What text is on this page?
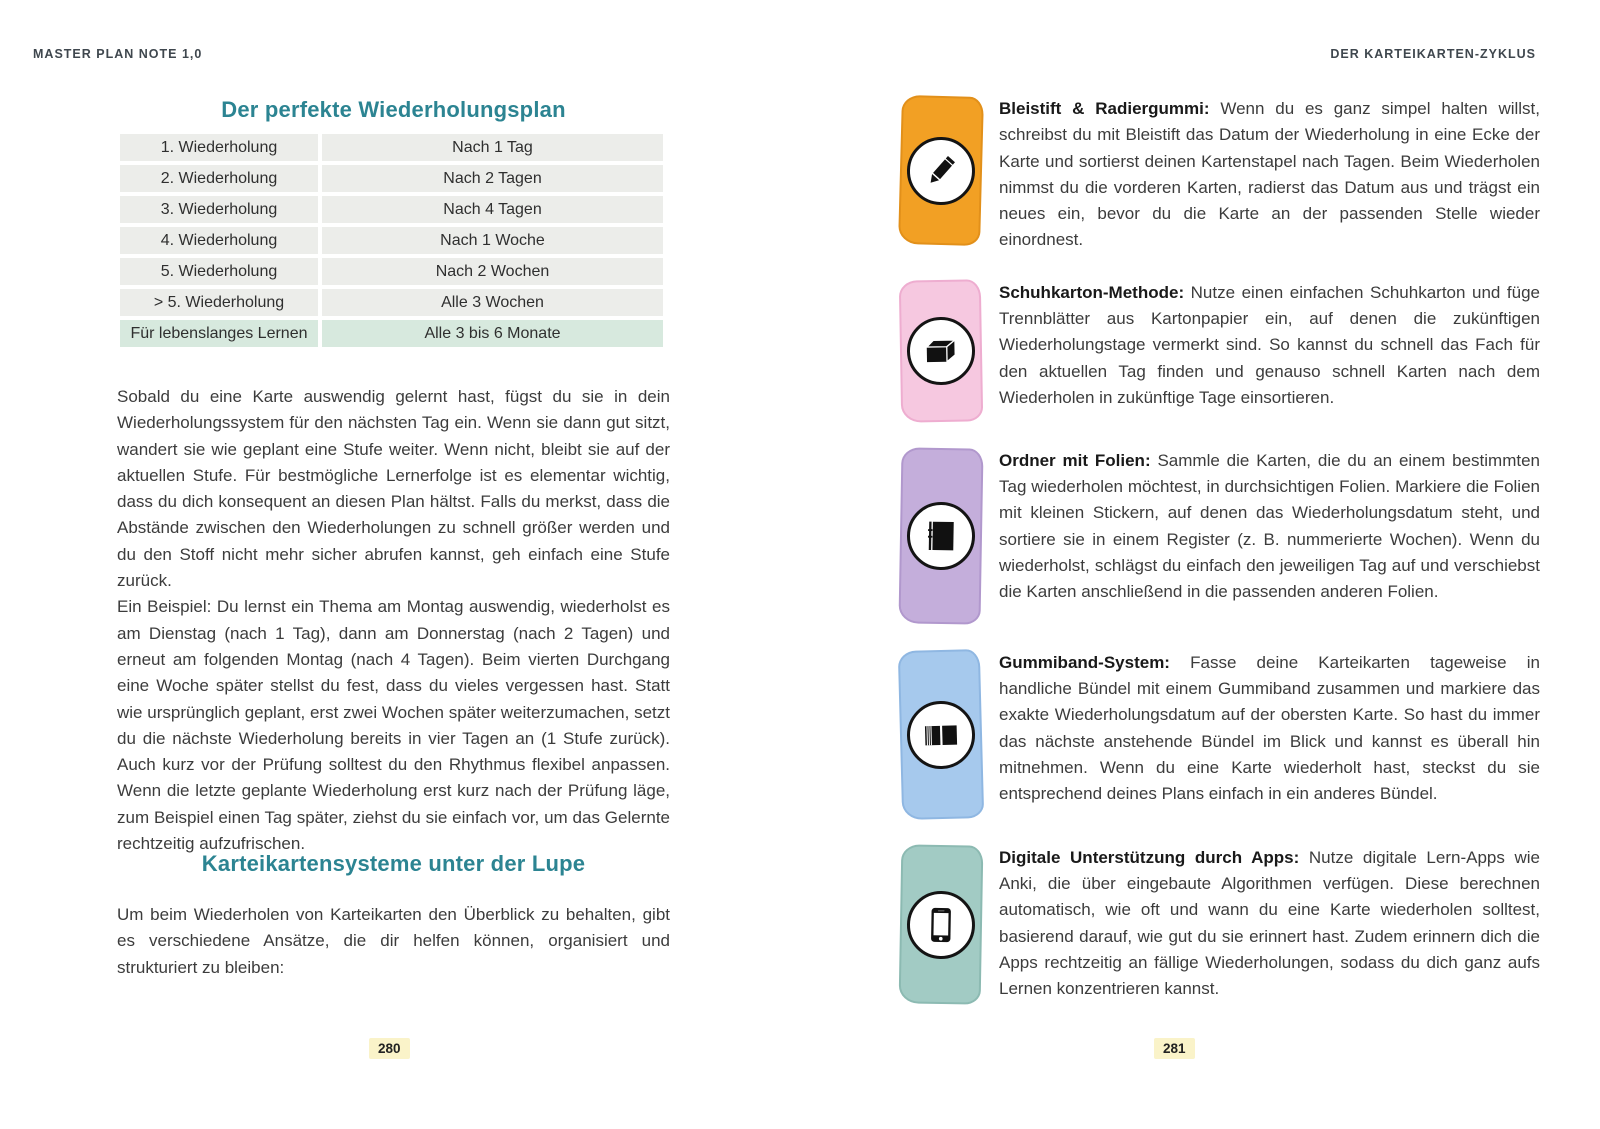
MASTER PLAN NOTE 1,0
Der perfekte Wiederholungsplan
1. Wiederholung	Nach 1 Tag
2. Wiederholung	Nach 2 Tagen
3. Wiederholung	Nach 4 Tagen
4. Wiederholung	Nach 1 Woche
5. Wiederholung	Nach 2 Wochen
> 5. Wiederholung	Alle 3 Wochen
Für lebenslanges Lernen	Alle 3 bis 6 Monate

Sobald du eine Karte auswendig gelernt hast, fügst du sie in dein Wiederholungssystem für den nächsten Tag ein. Wenn sie dann gut sitzt, wandert sie wie geplant eine Stufe weiter. Wenn nicht, bleibt sie auf der aktuellen Stufe. Für bestmögliche Lernerfolge ist es elementar wichtig, dass du dich konsequent an diesen Plan hältst. Falls du merkst, dass die Abstände zwischen den Wiederholungen zu schnell größer werden und du den Stoff nicht mehr sicher abrufen kannst, geh einfach eine Stufe zurück.

Ein Beispiel: Du lernst ein Thema am Montag auswendig, wiederholst es am Dienstag (nach 1 Tag), dann am Donnerstag (nach 2 Tagen) und erneut am folgenden Montag (nach 4 Tagen). Beim vierten Durchgang eine Woche später stellst du fest, dass du vieles vergessen hast. Statt wie ursprünglich geplant, erst zwei Wochen später weiterzumachen, setzt du die nächste Wiederholung bereits in vier Tagen an (1 Stufe zurück). Auch kurz vor der Prüfung solltest du den Rhythmus flexibel anpassen. Wenn die letzte geplante Wiederholung erst kurz nach der Prüfung läge, zum Beispiel einen Tag später, ziehst du sie einfach vor, um das Gelernte rechtzeitig aufzufrischen.

Karteikartensysteme unter der Lupe

Um beim Wiederholen von Karteikarten den Überblick zu behalten, gibt es verschiedene Ansätze, die dir helfen können, organisiert und strukturiert zu bleiben:

280
DER KARTEIKARTEN-ZYKLUS

Bleistift & Radiergummi: Wenn du es ganz simpel halten willst, schreibst du mit Bleistift das Datum der Wiederholung in eine Ecke der Karte und sortierst deinen Kartenstapel nach Tagen. Beim Wiederholen nimmst du die vorderen Karten, radierst das Datum aus und trägst ein neues ein, bevor du die Karte an der passenden Stelle wieder einordnest.

Schuhkarton-Methode: Nutze einen einfachen Schuhkarton und füge Trennblätter aus Kartonpapier ein, auf denen die zukünftigen Wiederholungstage vermerkt sind. So kannst du schnell das Fach für den aktuellen Tag finden und genauso schnell Karten nach dem Wiederholen in zukünftige Tage einsortieren.

Ordner mit Folien: Sammle die Karten, die du an einem bestimmten Tag wiederholen möchtest, in durchsichtigen Folien. Markiere die Folien mit kleinen Stickern, auf denen das Wiederholungsdatum steht, und sortiere sie in einem Register (z. B. nummerierte Wochen). Wenn du wiederholst, schlägst du einfach den jeweiligen Tag auf und verschiebst die Karten anschließend in die passenden anderen Folien.

Gummiband-System: Fasse deine Karteikarten tageweise in handliche Bündel mit einem Gummiband zusammen und markiere das exakte Wiederholungsdatum auf der obersten Karte. So hast du immer das nächste anstehende Bündel im Blick und kannst es überall hin mitnehmen. Wenn du eine Karte wiederholt hast, steckst du sie entsprechend deines Plans einfach in ein anderes Bündel.

Digitale Unterstützung durch Apps: Nutze digitale Lern-Apps wie Anki, die über eingebaute Algorithmen verfügen. Diese berechnen automatisch, wie oft und wann du eine Karte wiederholen solltest, basierend darauf, wie gut du sie erinnert hast. Zudem erinnern dich die Apps rechtzeitig an fällige Wiederholungen, sodass du dich ganz aufs Lernen konzentrieren kannst.

281
